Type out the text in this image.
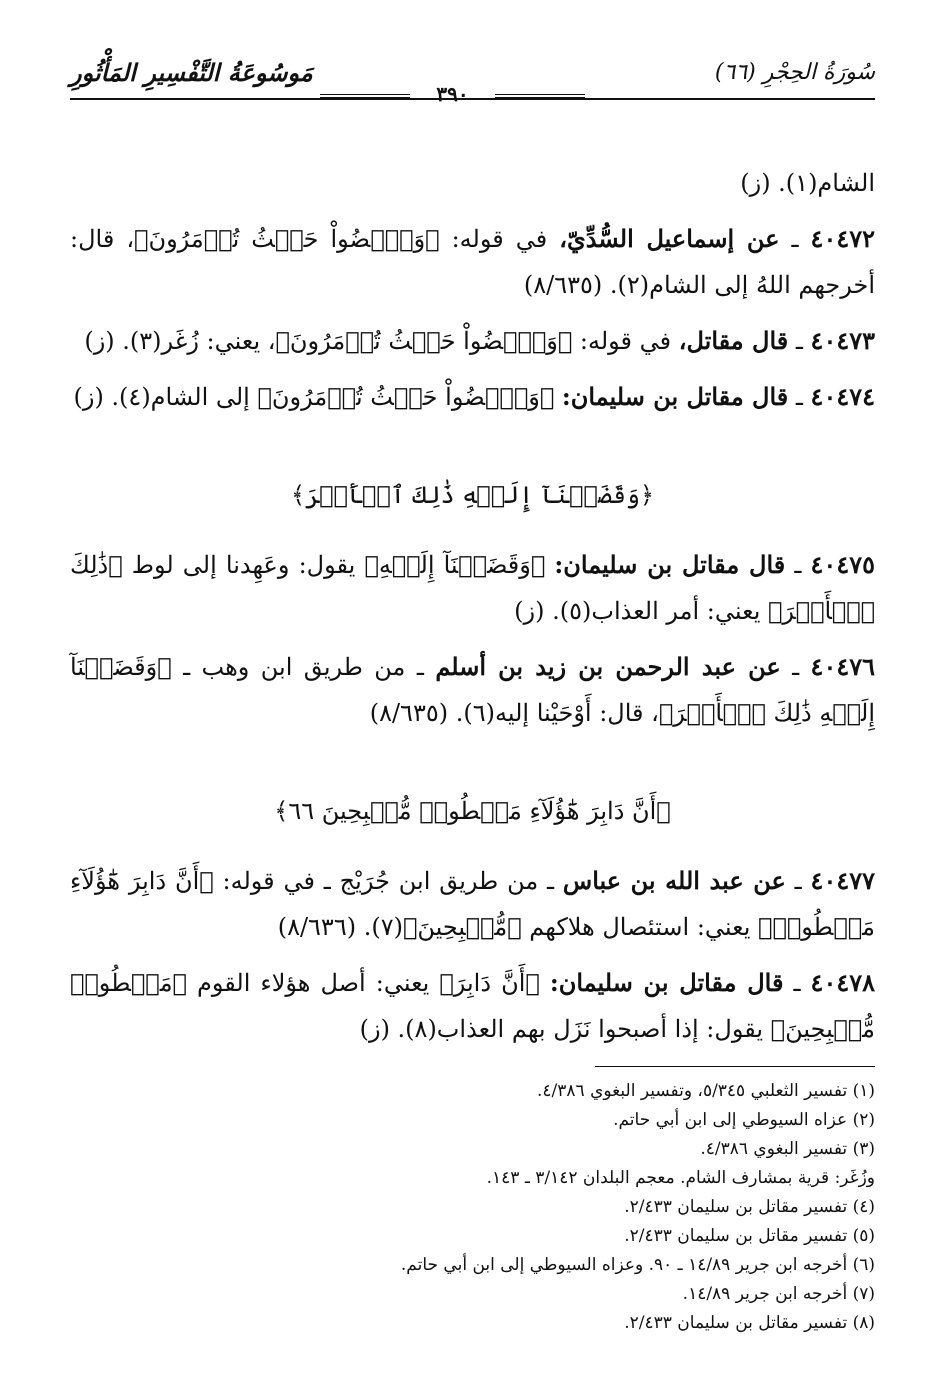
سُورَةُ الحِجْرِ (٦٦)
٣٩٠
مَوسُوعَةُ التَّفْسِيرِ المَأْثُورِ

الشام(١). (ز)

٤٠٤٧٢ ـ عن إسماعيل السُّدِّيّ، في قوله: ﴿وَٱمۡضُواْ حَيۡثُ تُؤۡمَرُونَ﴾، قال: أخرجهم اللهُ إلى الشام(٢). (٨/٦٣٥)

٤٠٤٧٣ ـ قال مقاتل، في قوله: ﴿وَٱمۡضُواْ حَيۡثُ تُؤۡمَرُونَ﴾، يعني: زُغَر(٣). (ز)

٤٠٤٧٤ ـ قال مقاتل بن سليمان: ﴿وَٱمۡضُواْ حَيۡثُ تُؤۡمَرُونَ﴾ إلى الشام(٤). (ز)

﴿وَقَضَيۡنَآ إِلَيۡهِ ذَٰلِكَ ٱلۡأَمۡرَ﴾

٤٠٤٧٥ ـ قال مقاتل بن سليمان: ﴿وَقَضَيۡنَآ إِلَيۡهِ﴾ يقول: وعَهِدنا إلى لوط ﴿ذَٰلِكَ ٱلۡأَمۡرَ﴾ يعني: أمر العذاب(٥). (ز)

٤٠٤٧٦ ـ عن عبد الرحمن بن زيد بن أسلم ـ من طريق ابن وهب ـ ﴿وَقَضَيۡنَآ إِلَيۡهِ ذَٰلِكَ ٱلۡأَمۡرَ﴾، قال: أَوْحَيْنا إليه(٦). (٨/٦٣٥)

﴿أَنَّ دَابِرَ هَٰٓؤُلَآءِ مَقۡطُوعٞ مُّصۡبِحِينَ ٦٦﴾

٤٠٤٧٧ ـ عن عبد الله بن عباس ـ من طريق ابن جُرَيْج ـ في قوله: ﴿أَنَّ دَابِرَ هَٰٓؤُلَآءِ مَقۡطُوعٞ﴾ يعني: استئصال هلاكهم ﴿مُّصۡبِحِينَ﴾(٧). (٨/٦٣٦)

٤٠٤٧٨ ـ قال مقاتل بن سليمان: ﴿أَنَّ دَابِرَ﴾ يعني: أصل هؤلاء القوم ﴿مَقۡطُوعٞ مُّصۡبِحِينَ﴾ يقول: إذا أصبحوا نَزَل بهم العذاب(٨). (ز)

(١) تفسير الثعلبي ٥/٣٤٥، وتفسير البغوي ٤/٣٨٦.

(٢) عزاه السيوطي إلى ابن أبي حاتم.

(٣) تفسير البغوي ٤/٣٨٦.

وزُغَر: قرية بمشارف الشام. معجم البلدان ٣/١٤٢ ـ ١٤٣.

(٤) تفسير مقاتل بن سليمان ٢/٤٣٣.

(٥) تفسير مقاتل بن سليمان ٢/٤٣٣.

(٦) أخرجه ابن جرير ١٤/٨٩ ـ ٩٠. وعزاه السيوطي إلى ابن أبي حاتم.

(٧) أخرجه ابن جرير ١٤/٨٩.

(٨) تفسير مقاتل بن سليمان ٢/٤٣٣.
